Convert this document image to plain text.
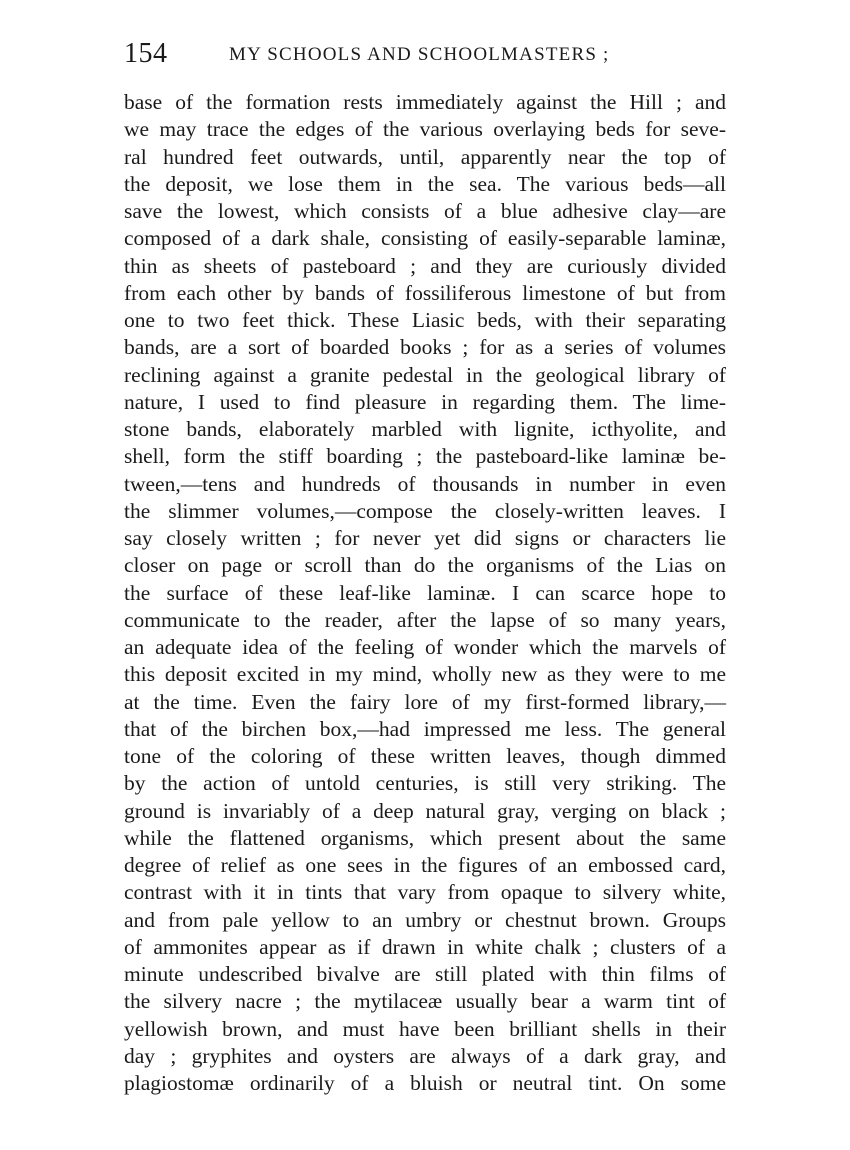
154	MY SCHOOLS AND SCHOOLMASTERS ;
base of the formation rests immediately against the Hill ; and
we may trace the edges of the various overlaying beds for seve-
ral hundred feet outwards, until, apparently near the top of
the deposit, we lose them in the sea. The various beds—all
save the lowest, which consists of a blue adhesive clay—are
composed of a dark shale, consisting of easily-separable laminæ,
thin as sheets of pasteboard ; and they are curiously divided
from each other by bands of fossiliferous limestone of but from
one to two feet thick. These Liasic beds, with their separating
bands, are a sort of boarded books ; for as a series of volumes
reclining against a granite pedestal in the geological library of
nature, I used to find pleasure in regarding them. The lime-
stone bands, elaborately marbled with lignite, icthyolite, and
shell, form the stiff boarding ; the pasteboard-like laminæ be-
tween,—tens and hundreds of thousands in number in even
the slimmer volumes,—compose the closely-written leaves. I
say closely written ; for never yet did signs or characters lie
closer on page or scroll than do the organisms of the Lias on
the surface of these leaf-like laminæ. I can scarce hope to
communicate to the reader, after the lapse of so many years,
an adequate idea of the feeling of wonder which the marvels of
this deposit excited in my mind, wholly new as they were to me
at the time. Even the fairy lore of my first-formed library,—
that of the birchen box,—had impressed me less. The general
tone of the coloring of these written leaves, though dimmed
by the action of untold centuries, is still very striking. The
ground is invariably of a deep natural gray, verging on black ;
while the flattened organisms, which present about the same
degree of relief as one sees in the figures of an embossed card,
contrast with it in tints that vary from opaque to silvery white,
and from pale yellow to an umbry or chestnut brown. Groups
of ammonites appear as if drawn in white chalk ; clusters of a
minute undescribed bivalve are still plated with thin films of
the silvery nacre ; the mytilaceæ usually bear a warm tint of
yellowish brown, and must have been brilliant shells in their
day ; gryphites and oysters are always of a dark gray, and
plagiostomæ ordinarily of a bluish or neutral tint. On some
